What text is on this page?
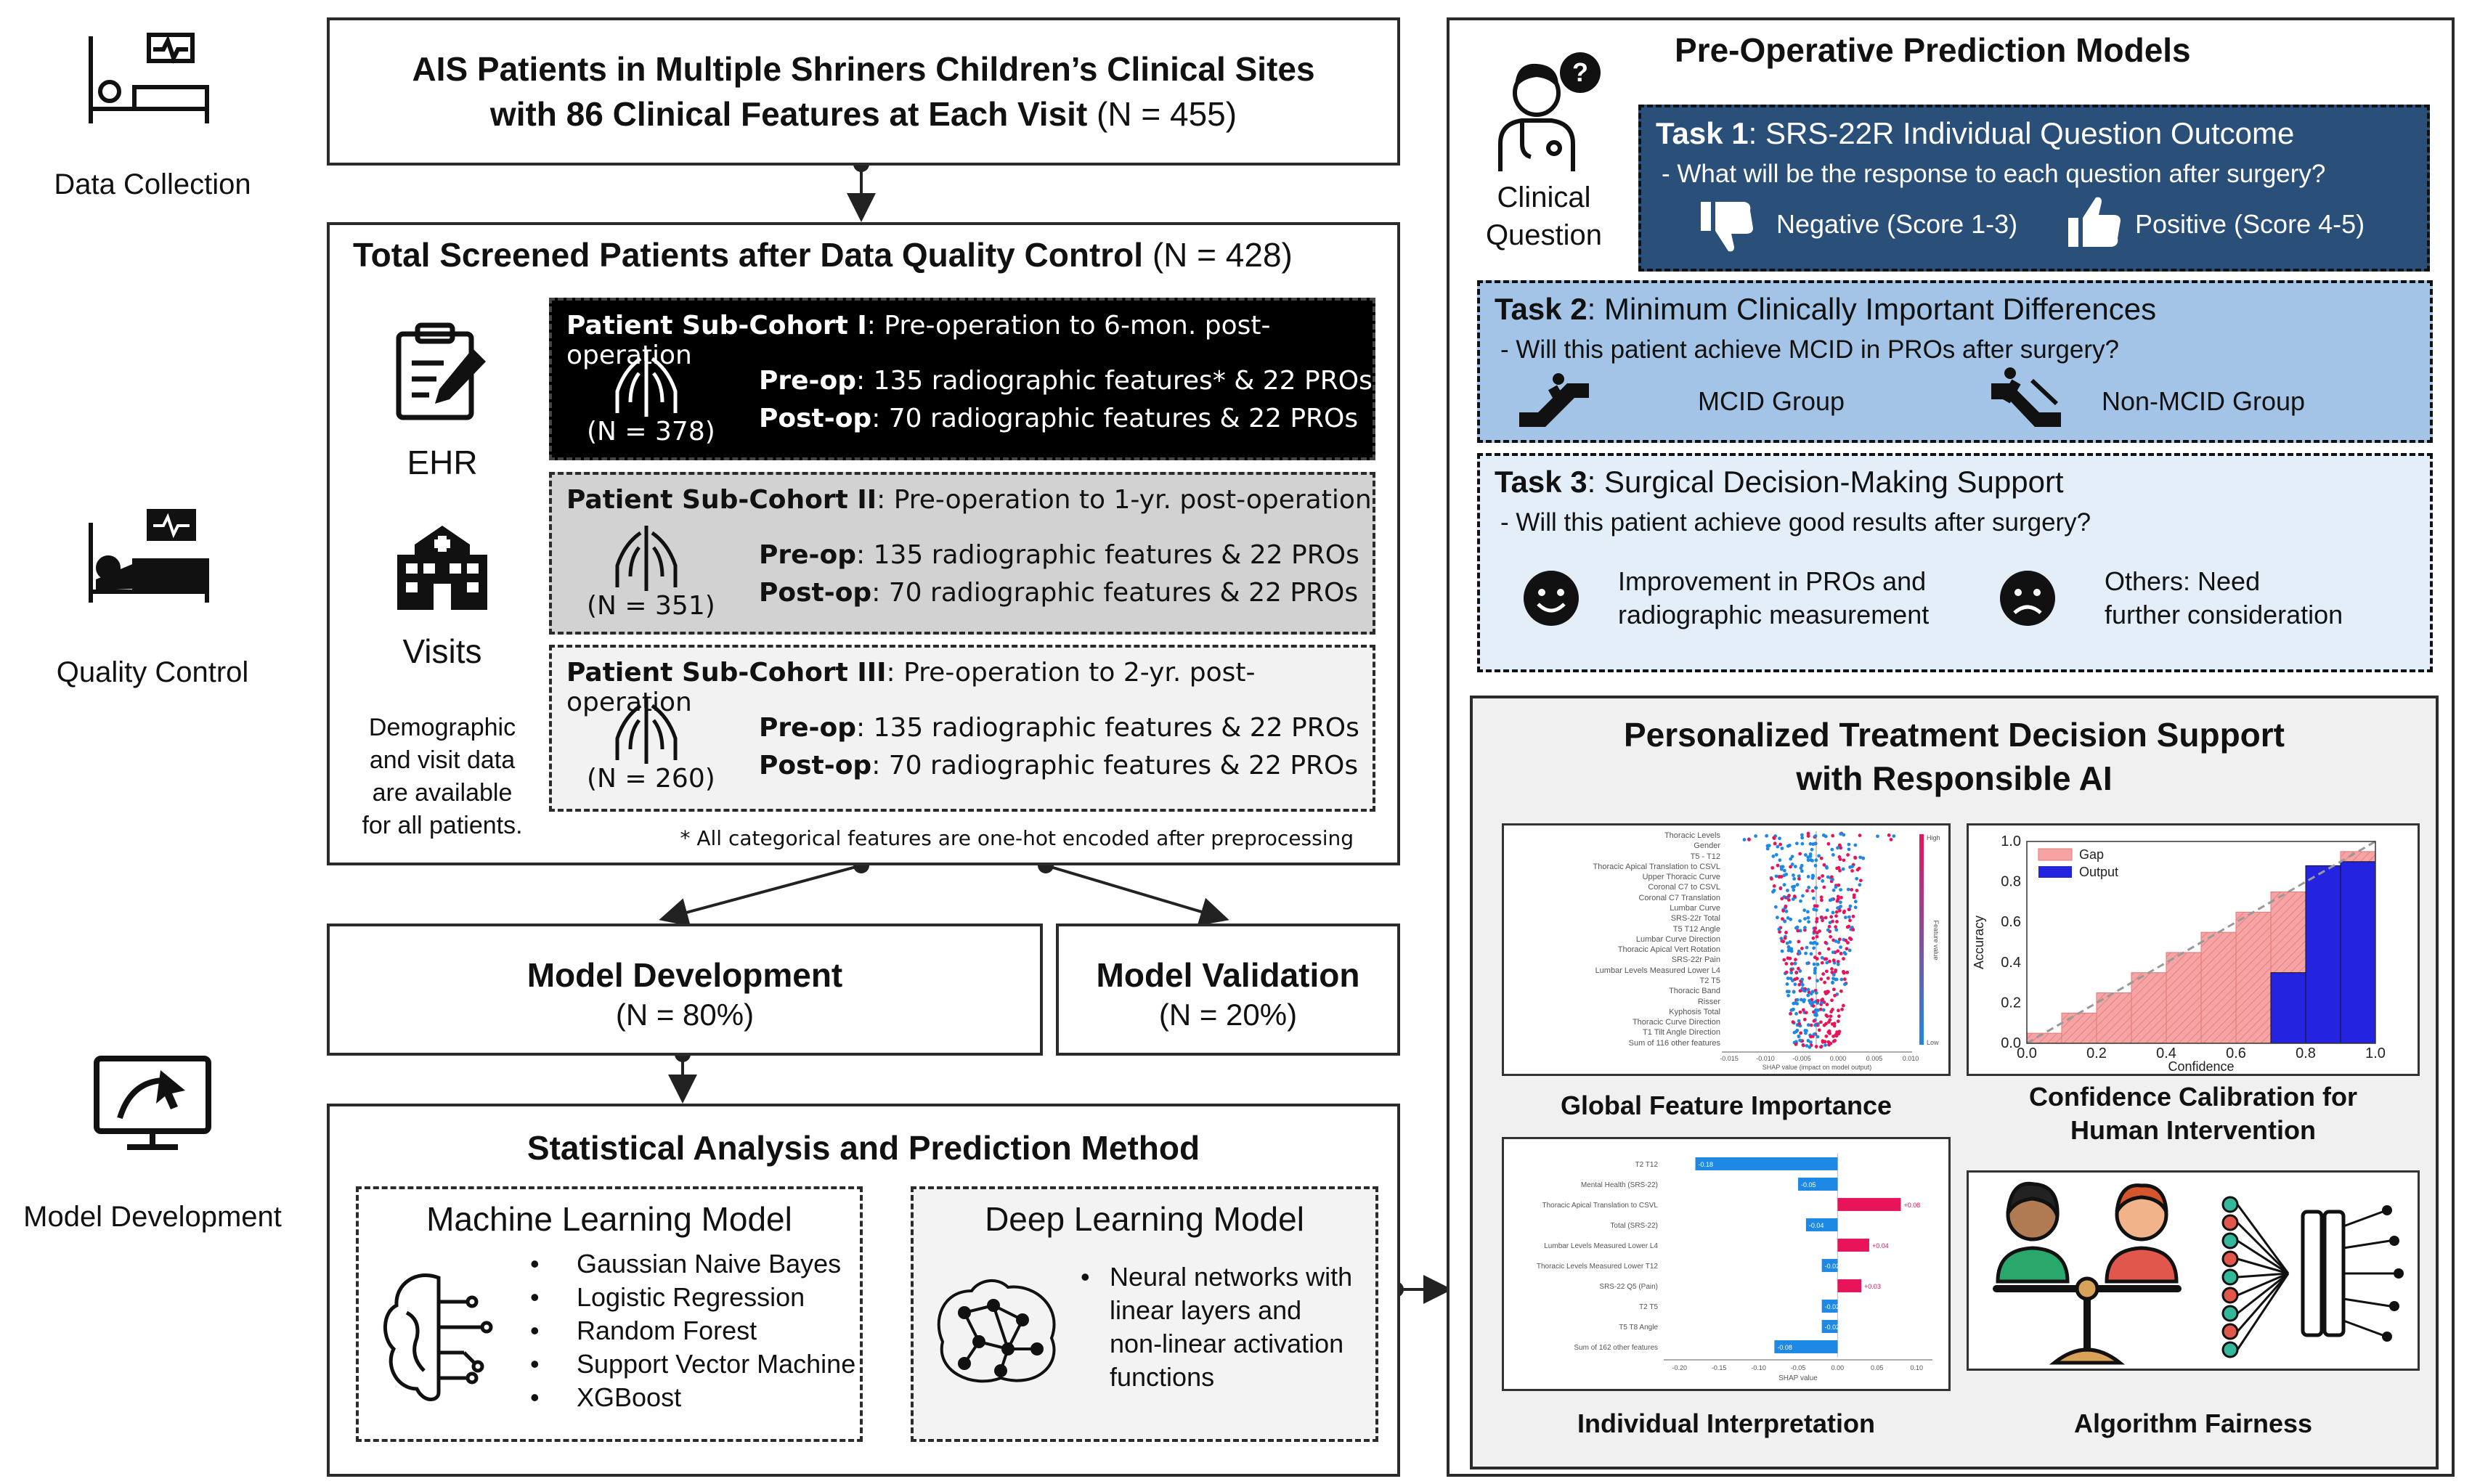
Data Collection
Quality Control
Model Development
AIS Patients in Multiple Shriners Children’s Clinical Sites
with 86 Clinical Features at Each Visit (N = 455)
Total Screened Patients after Data Quality Control (N = 428)
EHR
Visits
Demographic
and visit data
are available
for all patients.
Patient Sub-Cohort I: Pre-operation to 6-mon. post-operation
Pre-op: 135 radiographic features* & 22 PROs
Post-op: 70 radiographic features & 22 PROs
(N = 378)
Patient Sub-Cohort II: Pre-operation to 1-yr. post-operation
Pre-op: 135 radiographic features & 22 PROs
Post-op: 70 radiographic features & 22 PROs
(N = 351)
Patient Sub-Cohort III: Pre-operation to 2-yr. post-operation
Pre-op: 135 radiographic features & 22 PROs
Post-op: 70 radiographic features & 22 PROs
(N = 260)
* All categorical features are one-hot encoded after preprocessing
Model Development
(N = 80%)
Model Validation
(N = 20%)
Statistical Analysis and Prediction Method
Machine Learning Model
• Gaussian Naive Bayes
• Logistic Regression
• Random Forest
• Support Vector Machine
• XGBoost
Deep Learning Model
• Neural networks with
linear layers and
non-linear activation
functions
Pre-Operative Prediction Models
?
Clinical
Question
Task 1: SRS-22R Individual Question Outcome
- What will be the response to each question after surgery?
Negative (Score 1-3)	Positive (Score 4-5)
Task 2: Minimum Clinically Important Differences
- Will this patient achieve MCID in PROs after surgery?
MCID Group	Non-MCID Group
Task 3: Surgical Decision-Making Support
- Will this patient achieve good results after surgery?
Improvement in PROs and
radiographic measurement
Others: Need
further consideration
Personalized Treatment Decision Support
with Responsible AI
Thoracic Levels
Gender
T5 - T12
Thoracic Apical Translation to CSVL
Upper Thoracic Curve
Coronal C7 to CSVL
Coronal C7 Translation
Lumbar Curve
SRS-22r Total
T5 T12 Angle
Lumbar Curve Direction
Thoracic Apical Vert Rotation
SRS-22r Pain
Lumbar Levels Measured Lower L4
T2 T5
Thoracic Band
Risser
Kyphosis Total
Thoracic Curve Direction
T1 Tilt Angle Direction
Sum of 116 other features
High
Low
Feature value
-0.015	-0.010	-0.005	0.000	0.005	0.010
SHAP value (impact on model output)
Global Feature Importance
0.0	0.2	0.4	0.6	0.8	1.0
0.0
0.2
0.4
0.6
0.8
1.0
Confidence
Accuracy
Gap
Output
Confidence Calibration for
Human Intervention
T2 T12	-0.18
Mental Health (SRS-22)	-0.05
Thoracic Apical Translation to CSVL	+0.08
Total (SRS-22)	-0.04
Lumbar Levels Measured Lower L4	+0.04
Thoracic Levels Measured Lower T12	-0.02
SRS-22 Q5 (Pain)	+0.03
T2 T5	-0.02
T5 T8 Angle	-0.02
Sum of 162 other features	-0.08
-0.20	-0.15	-0.10	-0.05	0.00	0.05	0.10
SHAP value
Individual Interpretation	Algorithm Fairness
